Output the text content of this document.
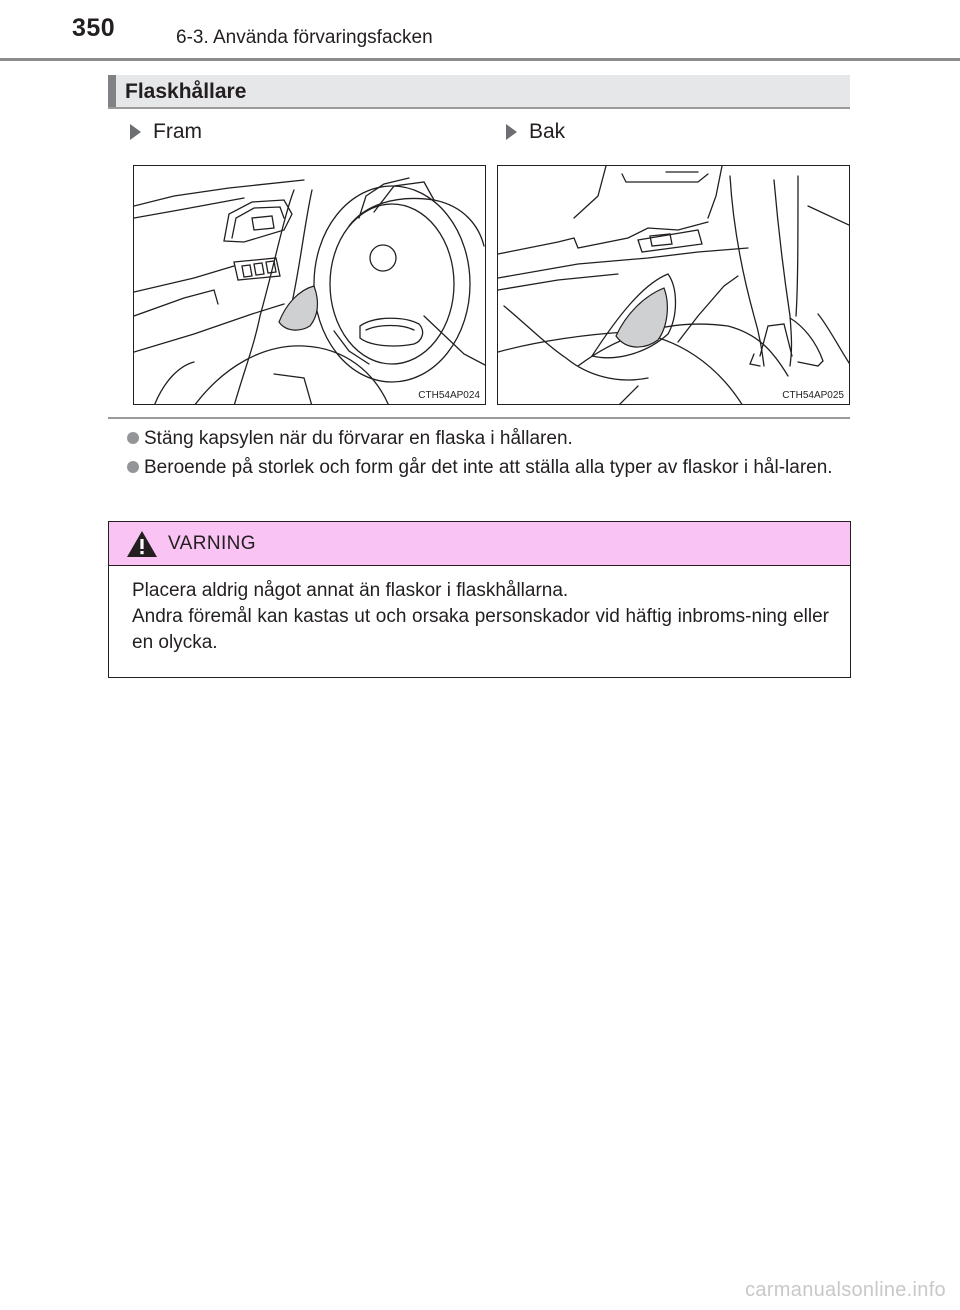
350	6-3. Använda förvaringsfacken
Flaskhållare
Fram	Bak
CTH54AP024	CTH54AP025
Stäng kapsylen när du förvarar en flaska i hållaren.
Beroende på storlek och form går det inte att ställa alla typer av flaskor i hål-laren.
VARNING

Placera aldrig något annat än flaskor i flaskhållarna.

Andra föremål kan kastas ut och orsaka personskador vid häftig inbroms-ning eller en olycka.

carmanualsonline.info
